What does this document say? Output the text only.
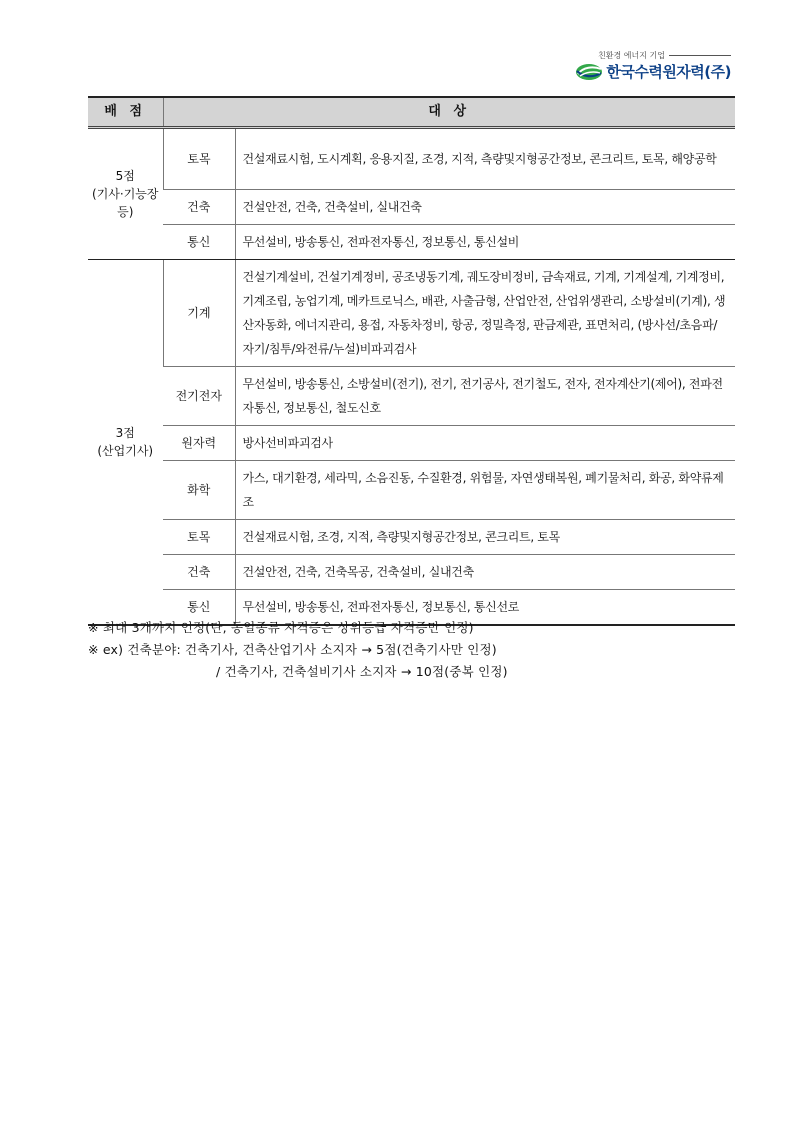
친환경 에너지 기업
한국수력원자력(주)
배 점	대 상	

5점
(기사·기능장
등)	토목	건설재료시험, 도시계획, 응용지질, 조경, 지적, 측량및지형공간정보, 콘크리트, 토목, 해양공학
	건축	건설안전, 건축, 건축설비, 실내건축
	통신	무선설비, 방송통신, 전파전자통신, 정보통신, 통신설비

3점
(산업기사)	기계	건설기계설비, 건설기계정비, 공조냉동기계, 궤도장비정비, 금속재료, 기계, 기계설계, 기계정비, 기계조립, 농업기계, 메카트로닉스, 배관, 사출금형, 산업안전, 산업위생관리, 소방설비(기계), 생산자동화, 에너지관리, 용접, 자동차정비, 항공, 정밀측정, 판금제관, 표면처리, (방사선/초음파/자기/침투/와전류/누설)비파괴검사
	전기전자	무선설비, 방송통신, 소방설비(전기), 전기, 전기공사, 전기철도, 전자, 전자계산기(제어), 전파전자통신, 정보통신, 철도신호
	원자력	방사선비파괴검사
	화학	가스, 대기환경, 세라믹, 소음진동, 수질환경, 위험물, 자연생태복원, 폐기물처리, 화공, 화약류제조
	토목	건설재료시험, 조경, 지적, 측량및지형공간정보, 콘크리트, 토목
	건축	건설안전, 건축, 건축목공, 건축설비, 실내건축
	통신	무선설비, 방송통신, 전파전자통신, 정보통신, 통신선로
※ 최대 3개까지 인정(단, 동일종류 자격증은 상위등급 자격증만 인정)
※ ex) 건축분야: 건축기사, 건축산업기사 소지자 → 5점(건축기사만 인정)
/ 건축기사, 건축설비기사 소지자 → 10점(중복 인정)
